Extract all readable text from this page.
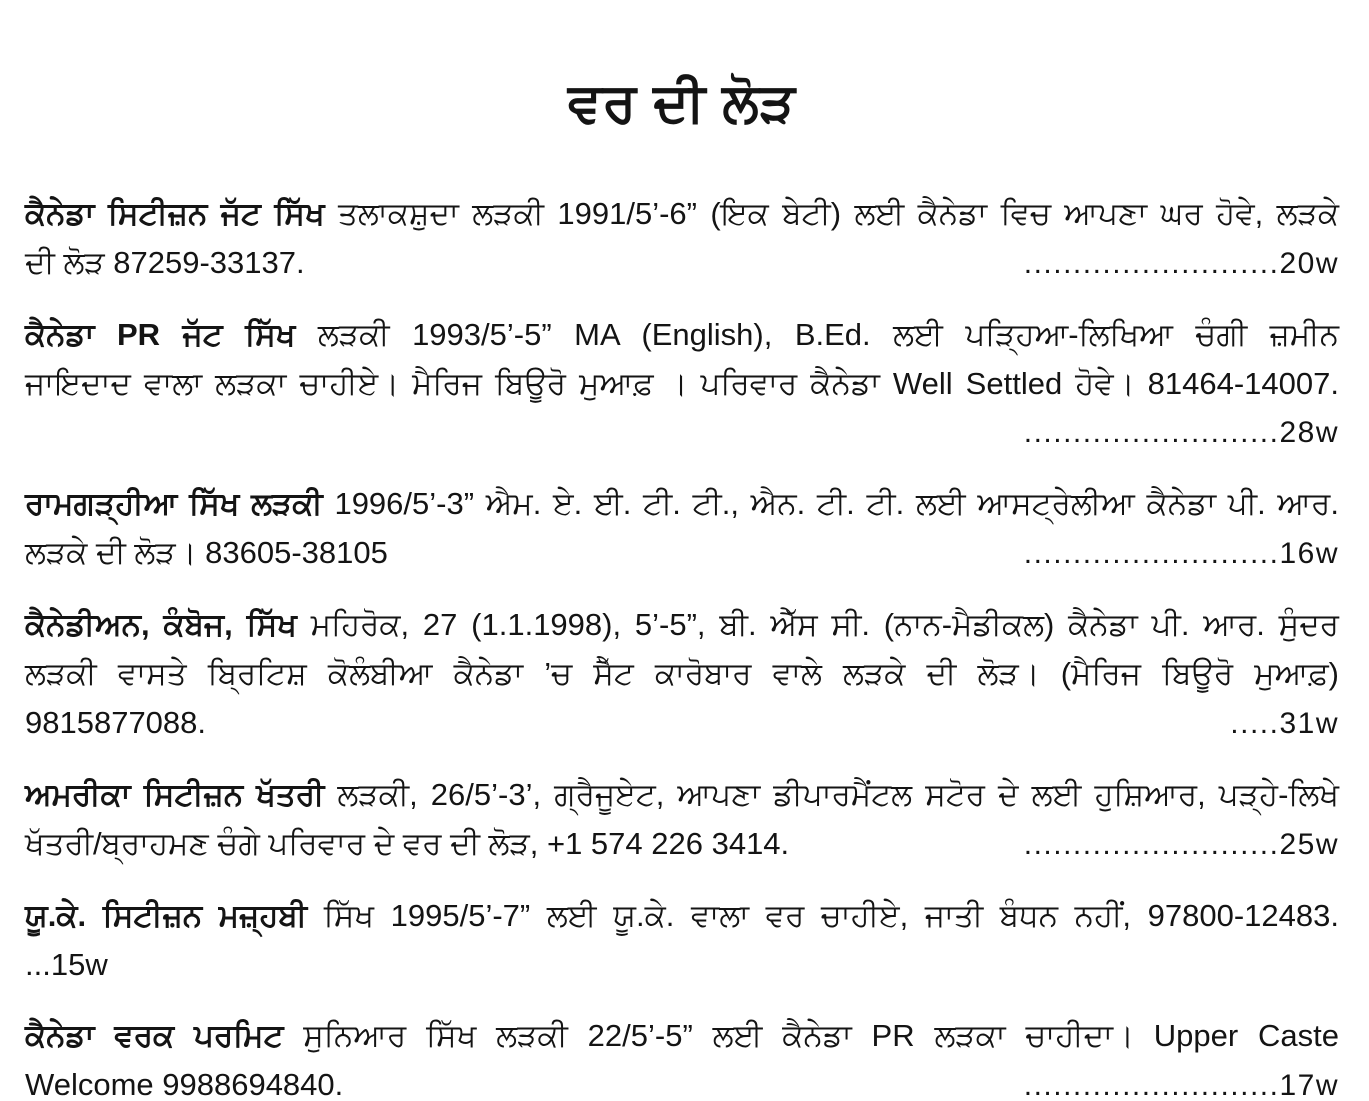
ਵਰ ਦੀ ਲੋੜ
ਕੈਨੇਡਾ ਸਿਟੀਜ਼ਨ ਜੱਟ ਸਿੱਖ ਤਲਾਕਸ਼ੁਦਾ ਲੜਕੀ 1991/5’-6” (ਇਕ ਬੇਟੀ) ਲਈ ਕੈਨੇਡਾ ਵਿਚ ਆਪਣਾ ਘਰ ਹੋਵੇ, ਲੜਕੇ
ਦੀ ਲੋੜ 87259-33137.	..........................20w
ਕੈਨੇਡਾ PR ਜੱਟ ਸਿੱਖ ਲੜਕੀ 1993/5’-5” MA (English), B.Ed. ਲਈ ਪੜ੍ਹਿਆ-ਲਿਖਿਆ ਚੰਗੀ ਜ਼ਮੀਨ
ਜਾਇਦਾਦ ਵਾਲਾ ਲੜਕਾ ਚਾਹੀਏ। ਮੈਰਿਜ ਬਿਊਰੋ ਮੁਆਫ਼ । ਪਰਿਵਾਰ ਕੈਨੇਡਾ Well Settled ਹੋਵੇ। 81464-14007.
..........................28w
ਰਾਮਗੜ੍ਹੀਆ ਸਿੱਖ ਲੜਕੀ 1996/5’-3” ਐਮ. ਏ. ਈ. ਟੀ. ਟੀ., ਐਨ. ਟੀ. ਟੀ. ਲਈ ਆਸਟ੍ਰੇਲੀਆ ਕੈਨੇਡਾ ਪੀ. ਆਰ.
ਲੜਕੇ ਦੀ ਲੋੜ। 83605-38105	..........................16w
ਕੈਨੇਡੀਅਨ, ਕੰਬੋਜ, ਸਿੱਖ ਮਹਿਰੋਕ, 27 (1.1.1998), 5’-5”, ਬੀ. ਐੱਸ ਸੀ. (ਨਾਨ-ਮੈਡੀਕਲ) ਕੈਨੇਡਾ ਪੀ. ਆਰ. ਸੁੰਦਰ
ਲੜਕੀ ਵਾਸਤੇ ਬ੍ਰਿਟਿਸ਼ ਕੋਲੰਬੀਆ ਕੈਨੇਡਾ ’ਚ ਸੈੱਟ ਕਾਰੋਬਾਰ ਵਾਲੇ ਲੜਕੇ ਦੀ ਲੋੜ। (ਮੈਰਿਜ ਬਿਊਰੋ ਮੁਆਫ਼)
9815877088.	.....31w
ਅਮਰੀਕਾ ਸਿਟੀਜ਼ਨ ਖੱਤਰੀ ਲੜਕੀ, 26/5’-3’, ਗ੍ਰੈਜੂਏਟ, ਆਪਣਾ ਡੀਪਾਰਮੈਂਟਲ ਸਟੋਰ ਦੇ ਲਈ ਹੁਸ਼ਿਆਰ, ਪੜ੍ਹੇ-ਲਿਖੇ
ਖੱਤਰੀ/ਬ੍ਰਾਹਮਣ ਚੰਗੇ ਪਰਿਵਾਰ ਦੇ ਵਰ ਦੀ ਲੋੜ, +1 574 226 3414.	..........................25w
ਯੂ.ਕੇ. ਸਿਟੀਜ਼ਨ ਮਜ਼੍ਹਬੀ ਸਿੱਖ 1995/5’-7” ਲਈ ਯੂ.ਕੇ. ਵਾਲਾ ਵਰ ਚਾਹੀਏ, ਜਾਤੀ ਬੰਧਨ ਨਹੀਂ, 97800-12483.
...15w
ਕੈਨੇਡਾ ਵਰਕ ਪਰਮਿਟ ਸੁਨਿਆਰ ਸਿੱਖ ਲੜਕੀ 22/5’-5” ਲਈ ਕੈਨੇਡਾ PR ਲੜਕਾ ਚਾਹੀਦਾ। Upper Caste
Welcome 9988694840.	..........................17w
